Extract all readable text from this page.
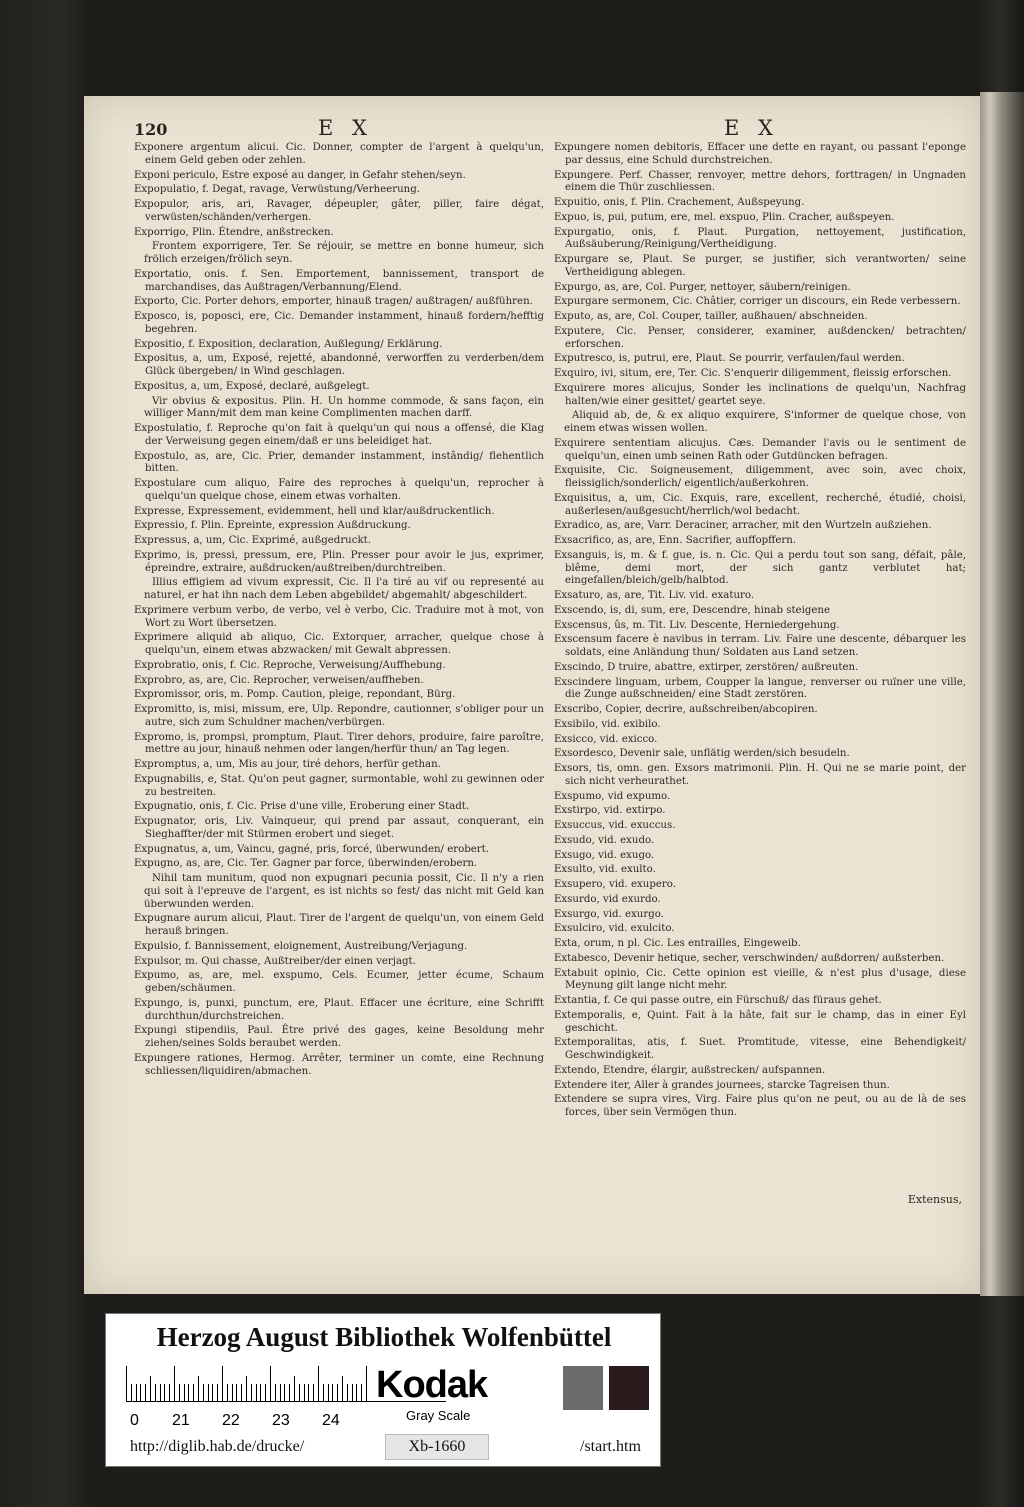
120	E X

Exponere argentum alicui. Cic. Donner, compter de l'argent à quelqu'un, einem Geld geben oder zehlen.

Exponi periculo, Estre exposé au danger, in Gefahr stehen/seyn.

Expopulatio, f. Degat, ravage, Verwüstung/Verheerung.

Expopulor, aris, ari, Ravager, dépeupler, gâter, piller, faire dégat, verwüsten/schänden/verhergen.

Exporrigo, Plin. Étendre, anßstrecken.

Frontem exporrigere, Ter. Se réjouir, se mettre en bonne humeur, sich frölich erzeigen/frölich seyn.

Exportatio, onis. f. Sen. Emportement, bannissement, transport de marchandises, das Außtragen/Verbannung/Elend.

Exporto, Cic. Porter dehors, emporter, hinauß tragen/ außtragen/ außführen.

Exposco, is, poposci, ere, Cic. Demander instamment, hinauß fordern/hefftig begehren.

Expositio, f. Exposition, declaration, Außlegung/ Erklärung.

Expositus, a, um, Exposé, rejetté, abandonné, verworffen zu verderben/dem Glück übergeben/ in Wind geschlagen.

Expositus, a, um, Exposé, declaré, außgelegt.

Vir obvius & expositus. Plin. H. Un homme commode, & sans façon, ein williger Mann/mit dem man keine Complimenten machen darff.

Expostulatio, f. Reproche qu'on fait à quelqu'un qui nous a offensé, die Klag der Verweisung gegen einem/daß er uns beleidiget hat.

Expostulo, as, are, Cic. Prier, demander instamment, instândig/ flehentlich bitten.

Expostulare cum aliquo, Faire des reproches à quelqu'un, reprocher à quelqu'un quelque chose, einem etwas vorhalten.

Expresse, Expressement, evidemment, hell und klar/außdruckentlich.

Expressio, f. Plin. Epreinte, expression Außdruckung.

Expressus, a, um, Cic. Exprimé, außgedruckt.

Exprimo, is, pressi, pressum, ere, Plin. Presser pour avoir le jus, exprimer, épreindre, extraire, außdrucken/außtreiben/durchtreiben.

Illius effigiem ad vivum expressit, Cic. Il l'a tiré au vif ou representé au naturel, er hat ihn nach dem Leben abgebildet/ abgemahlt/ abgeschildert.

Exprimere verbum verbo, de verbo, vel è verbo, Cic. Traduire mot à mot, von Wort zu Wort übersetzen.

Exprimere aliquid ab aliquo, Cic. Extorquer, arracher, quelque chose à quelqu'un, einem etwas abzwacken/ mit Gewalt abpressen.

Exprobratio, onis, f. Cic. Reproche, Verweisung/Auffhebung.

Exprobro, as, are, Cic. Reprocher, verweisen/auffheben.

Expromissor, oris, m. Pomp. Caution, pleige, repondant, Bürg.

Expromitto, is, misi, missum, ere, Ulp. Repondre, cautionner, s'obliger pour un autre, sich zum Schuldner machen/verbürgen.

Expromo, is, prompsi, promptum, Plaut. Tirer dehors, produire, faire paroître, mettre au jour, hinauß nehmen oder langen/herfür thun/ an Tag legen.

Expromptus, a, um, Mis au jour, tiré dehors, herfür gethan.

Expugnabilis, e, Stat. Qu'on peut gagner, surmontable, wohl zu gewinnen oder zu bestreiten.

Expugnatio, onis, f. Cic. Prise d'une ville, Eroberung einer Stadt.

Expugnator, oris, Liv. Vainqueur, qui prend par assaut, conquerant, ein Sieghaffter/der mit Stürmen erobert und sieget.

Expugnatus, a, um, Vaincu, gagné, pris, forcé, überwunden/ erobert.

Expugno, as, are, Cic. Ter. Gagner par force, überwinden/erobern.

Nihil tam munitum, quod non expugnari pecunia possit, Cic. Il n'y a rien qui soit à l'epreuve de l'argent, es ist nichts so fest/ das nicht mit Geld kan überwunden werden.

Expugnare aurum alicui, Plaut. Tirer de l'argent de quelqu'un, von einem Geld herauß bringen.

Expulsio, f. Bannissement, eloignement, Austreibung/Verjagung.

Expulsor, m. Qui chasse, Außtreiber/der einen verjagt.

Expumo, as, are, mel. exspumo, Cels. Ecumer, jetter écume, Schaum geben/schäumen.

Expungo, is, punxi, punctum, ere, Plaut. Effacer une écriture, eine Schrifft durchthun/durchstreichen.

Expungi stipendiis, Paul. Être privé des gages, keine Besoldung mehr ziehen/seines Solds beraubet werden.

Expungere rationes, Hermog. Arrêter, terminer un comte, eine Rechnung schliessen/liquidiren/abmachen.

E X

Expungere nomen debitoris, Effacer une dette en rayant, ou passant l'eponge par dessus, eine Schuld durchstreichen.

Expungere. Perf. Chasser, renvoyer, mettre dehors, forttragen/ in Ungnaden einem die Thür zuschliessen.

Expuitio, onis, f. Plin. Crachement, Außspeyung.

Expuo, is, pui, putum, ere, mel. exspuo, Plin. Cracher, außspeyen.

Expurgatio, onis, f. Plaut. Purgation, nettoyement, justification, Außsäuberung/Reinigung/Vertheidigung.

Expurgare se, Plaut. Se purger, se justifier, sich verantworten/ seine Vertheidigung ablegen.

Expurgo, as, are, Col. Purger, nettoyer, säubern/reinigen.

Expurgare sermonem, Cic. Châtier, corriger un discours, ein Rede verbessern.

Exputo, as, are, Col. Couper, tailler, außhauen/ abschneiden.

Exputere, Cic. Penser, considerer, examiner, außdencken/ betrachten/ erforschen.

Exputresco, is, putrui, ere, Plaut. Se pourrir, verfaulen/faul werden.

Exquiro, ivi, situm, ere, Ter. Cic. S'enquerir diligemment, fleissig erforschen.

Exquirere mores alicujus, Sonder les inclinations de quelqu'un, Nachfrag halten/wie einer gesittet/ geartet seye.

Aliquid ab, de, & ex aliquo exquirere, S'informer de quelque chose, von einem etwas wissen wollen.

Exquirere sententiam alicujus. Cæs. Demander l'avis ou le sentiment de quelqu'un, einen umb seinen Rath oder Gutdüncken befragen.

Exquisite, Cic. Soigneusement, diligemment, avec soin, avec choix, fleissiglich/sonderlich/ eigentlich/außerkohren.

Exquisitus, a, um, Cic. Exquis, rare, excellent, recherché, étudié, choisi, außerlesen/außgesucht/herrlich/wol bedacht.

Exradico, as, are, Varr. Deraciner, arracher, mit den Wurtzeln außziehen.

Exsacrifico, as, are, Enn. Sacrifier, auffopffern.

Exsanguis, is, m. & f. gue, is. n. Cic. Qui a perdu tout son sang, défait, pâle, blême, demi mort, der sich gantz verblutet hat; eingefallen/bleich/gelb/halbtod.

Exsaturo, as, are, Tit. Liv. vid. exaturo.

Exscendo, is, di, sum, ere, Descendre, hinab steigene

Exscensus, ûs, m. Tit. Liv. Descente, Herniedergehung.

Exscensum facere è navibus in terram. Liv. Faire une descente, débarquer les soldats, eine Anländung thun/ Soldaten aus Land setzen.

Exscindo, D truire, abattre, extirper, zerstören/ außreuten.

Exscindere linguam, urbem, Coupper la langue, renverser ou ruïner une ville, die Zunge außschneiden/ eine Stadt zerstören.

Exscribo, Copier, decrire, außschreiben/abcopiren.

Exsibilo, vid. exibilo.

Exsicco, vid. exicco.

Exsordesco, Devenir sale, unflätig werden/sich besudeln.

Exsors, tis, omn. gen. Exsors matrimonii. Plin. H. Qui ne se marie point, der sich nicht verheurathet.

Exspumo, vid expumo.

Exstirpo, vid. extirpo.

Exsuccus, vid. exuccus.

Exsudo, vid. exudo.

Exsugo, vid. exugo.

Exsulto, vid. exulto.

Exsupero, vid. exupero.

Exsurdo, vid exurdo.

Exsurgo, vid. exurgo.

Exsulciro, vid. exulcito.

Exta, orum, n pl. Cic. Les entrailles, Eingeweib.

Extabesco, Devenir hetique, secher, verschwinden/ außdorren/ außsterben.

Extabuit opinio, Cic. Cette opinion est vieille, & n'est plus d'usage, diese Meynung gilt lange nicht mehr.

Extantia, f. Ce qui passe outre, ein Fürschuß/ das füraus gehet.

Extemporalis, e, Quint. Fait à la hâte, fait sur le champ, das in einer Eyl geschicht.

Extemporalitas, atis, f. Suet. Promtitude, vitesse, eine Behendigkeit/ Geschwindigkeit.

Extendo, Etendre, élargir, außstrecken/ aufspannen.

Extendere iter, Aller à grandes journees, starcke Tagreisen thun.

Extendere se supra vires, Virg. Faire plus qu'on ne peut, ou au de là de ses forces, über sein Vermögen thun.

Extensus,
Herzog August Bibliothek Wolfenbüttel
0 21 22 23 24
Kodak
Gray Scale
http://diglib.hab.de/drucke/	Xb-1660	/start.htm
